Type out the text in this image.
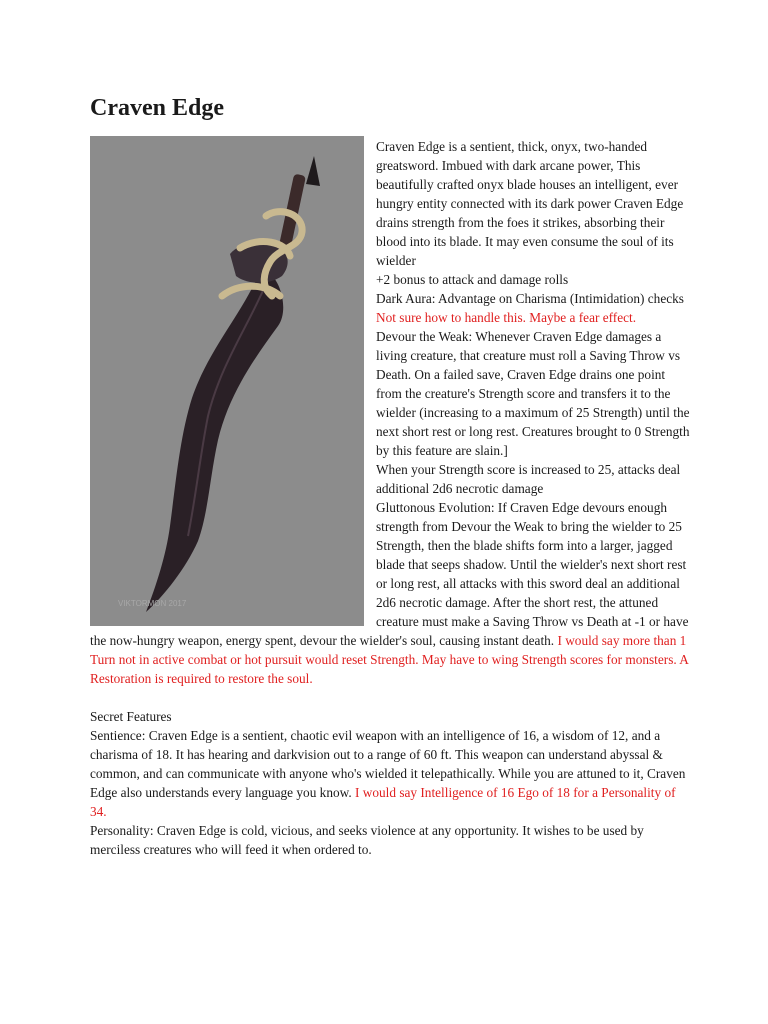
Craven Edge
VIKTORMON 2017

Craven Edge is a sentient, thick, onyx, two-handed greatsword. Imbued with dark arcane power, This beautifully crafted onyx blade houses an intelligent, ever hungry entity connected with its dark power Craven Edge drains strength from the foes it strikes, absorbing their blood into its blade. It may even consume the soul of its wielder

+2 bonus to attack and damage rolls

Dark Aura: Advantage on Charisma (Intimidation) checks Not sure how to handle this. Maybe a fear effect.

Devour the Weak: Whenever Craven Edge damages a living creature, that creature must roll a Saving Throw vs Death. On a failed save, Craven Edge drains one point from the creature's Strength score and transfers it to the wielder (increasing to a maximum of 25 Strength) until the next short rest or long rest. Creatures brought to 0 Strength by this feature are slain.]

When your Strength score is increased to 25, attacks deal additional 2d6 necrotic damage

Gluttonous Evolution: If Craven Edge devours enough strength from Devour the Weak to bring the wielder to 25 Strength, then the blade shifts form into a larger, jagged blade that seeps shadow. Until the wielder's next short rest or long rest, all attacks with this sword deal an additional 2d6 necrotic damage. After the short rest, the attuned creature must make a Saving Throw vs Death at -1 or have the now-hungry weapon, energy spent, devour the wielder's soul, causing instant death. I would say more than 1 Turn not in active combat or hot pursuit would reset Strength. May have to wing Strength scores for monsters. A Restoration is required to restore the soul.

Secret Features

Sentience: Craven Edge is a sentient, chaotic evil weapon with an intelligence of 16, a wisdom of 12, and a charisma of 18. It has hearing and darkvision out to a range of 60 ft. This weapon can understand abyssal & common, and can communicate with anyone who's wielded it telepathically. While you are attuned to it, Craven Edge also understands every language you know. I would say Intelligence of 16 Ego of 18 for a Personality of 34.

Personality: Craven Edge is cold, vicious, and seeks violence at any opportunity. It wishes to be used by merciless creatures who will feed it when ordered to.
